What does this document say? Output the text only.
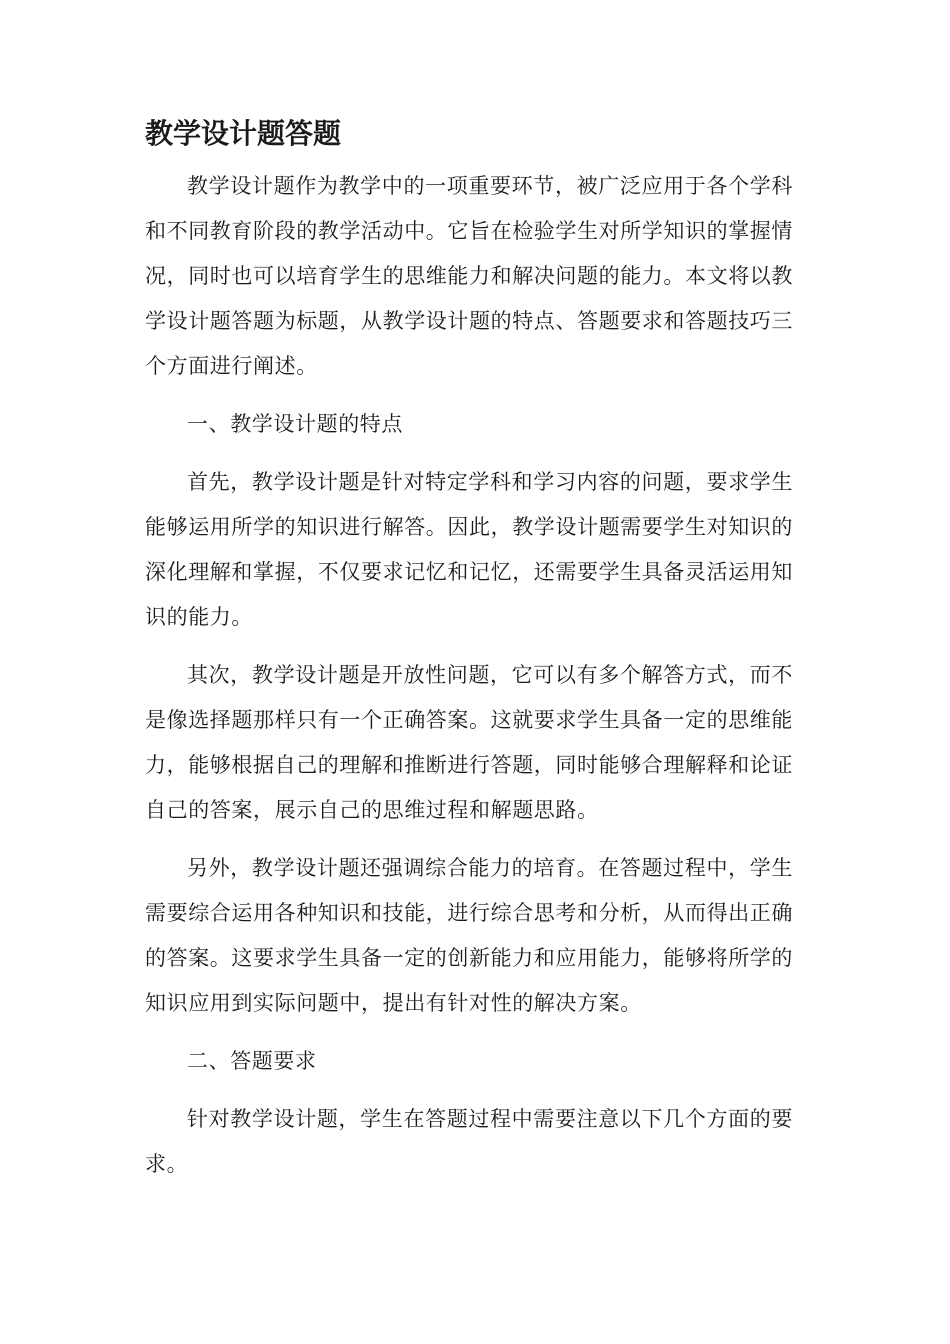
教学设计题答题

教学设计题作为教学中的一项重要环节，被广泛应用于各个学科和不同教育阶段的教学活动中。它旨在检验学生对所学知识的掌握情况，同时也可以培育学生的思维能力和解决问题的能力。本文将以教学设计题答题为标题，从教学设计题的特点、答题要求和答题技巧三个方面进行阐述。

一、教学设计题的特点

首先，教学设计题是针对特定学科和学习内容的问题，要求学生能够运用所学的知识进行解答。因此，教学设计题需要学生对知识的深化理解和掌握，不仅要求记忆和记忆，还需要学生具备灵活运用知识的能力。

其次，教学设计题是开放性问题，它可以有多个解答方式，而不是像选择题那样只有一个正确答案。这就要求学生具备一定的思维能力，能够根据自己的理解和推断进行答题，同时能够合理解释和论证自己的答案，展示自己的思维过程和解题思路。

另外，教学设计题还强调综合能力的培育。在答题过程中，学生需要综合运用各种知识和技能，进行综合思考和分析，从而得出正确的答案。这要求学生具备一定的创新能力和应用能力，能够将所学的知识应用到实际问题中，提出有针对性的解决方案。

二、答题要求

针对教学设计题，学生在答题过程中需要注意以下几个方面的要求。
